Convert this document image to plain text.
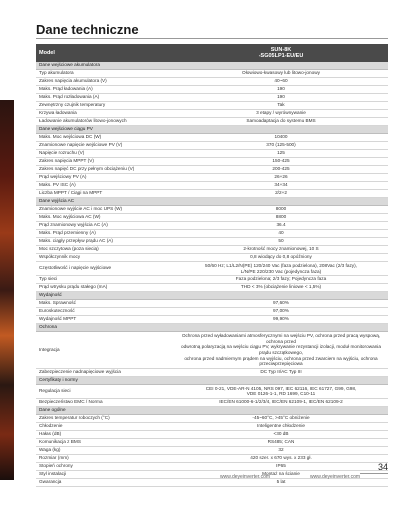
Dane techniczne
Model	SUN-8K
-SG05LP1-EU/EU

Dane wejściowe akumulatora	
Typ akumulatora	Ołowiowo-kwasowy lub litowo-jonowy
Zakres napięcia akumulatora (V)	40~60
Maks. Prąd ładowania (A)	190
Maks. Prąd rozładowania (A)	190
Zewnętrzny czujnik temperatury	Tak
Krzywa ładowania	3 etapy / wyrównywanie
Ładowanie akumulatorów litowo-jonowych	Samoadaptacja do systemu BMS
Dane wejściowe ciągu PV	
Maks. Moc wejściowa DC (W)	10400
Znamionowe napięcie wejściowe PV (V)	370 (125-500)
Napięcie rozruchu (V)	125
Zakres napięcia MPPT (V)	150-425
Zakres napięć DC przy pełnym obciążeniu (V)	200-425
Prąd wejściowy PV (A)	26+26
Maks. PV ISC (A)	34+34
Liczba MPPT / Ciągi na MPPT	2/2+2
Dane wyjścia AC	
Znamionowe wyjście AC i moc UPS (W)	8000
Maks. Moc wyjściowa AC (W)	8800
Prąd znamionowy wyjścia AC (A)	36.4
Maks. Prąd przemienny (A)	40
Maks. ciągły przepływ prądu AC (A)	50
Moc szczytowa (poza siecią)	2-krotność mocy znamionowej, 10 S
Współczynnik mocy	0,8 wiodący do 0,8 opóźniony
Częstotliwość i napięcie wyjściowe	50/60 Hz; L1/L2/N(PE) 120/240 Vac (faza podzielona), 208Vac (2/3 fazy),
L/N/PE 220/230 Vac (pojedyncza faza)

Typ sieci	Faza podzielona; 2/3 fazy; Pojedyncza faza
Prąd wtrysku prądu stałego (mA)	THD < 3% (obciążenie liniowe < 1,5%)
Wydajność	
Maks. Sprawność	97,60%
Euroskuteczność	97,00%
Wydajność MPPT	99,90%
Ochrona	
Integracja	Ochrona przed wyładowaniami atmosferycznymi na wejściu PV, ochrona przed pracą wyspową, ochrona przed
odwrotną polaryzacją na wejściu ciągu PV, wykrywanie rezystancji izolacji, moduł monitorowania prądu szczątkowego,
ochrona przed nadmiernym prądem na wyjściu, ochrona przed zwarciem na wyjściu, ochrona przeciwprzepięciowa

Zabezpieczenie nadnapięciowe wyjścia	DC Typ II/AC Typ III
Certyfikaty i normy	
Regulacja sieci	CEI 0-21, VDE-AR-N 4105, NRS 097, IEC 62116, IEC 61727, G99, G98,
VDE 0126-1-1, RD 1699, C10-11

Bezpieczeństwo EMC / Norma	IEC/EN 61000-6-1/2/3/4, IEC/EN 62109-1, IEC/EN 62109-2
Dane ogólne	
Zakres temperatur roboczych (°C)	-45~60°C, >45°C obniżenie
Chłodzenie	Inteligentne chłodzenie
Hałas (dB)	<30 dB
Komunikacja z BMS	RS485; CAN
Waga (kg)	32
Rozmiar (mm)	420 szer. x 670 wys. x 233 gł.
Stopień ochrony	IP65
Styl instalacji	Montaż na ścianie
Gwarancja	5 lat
34
www.deyeinverter.com	www.deyeinverter.com
